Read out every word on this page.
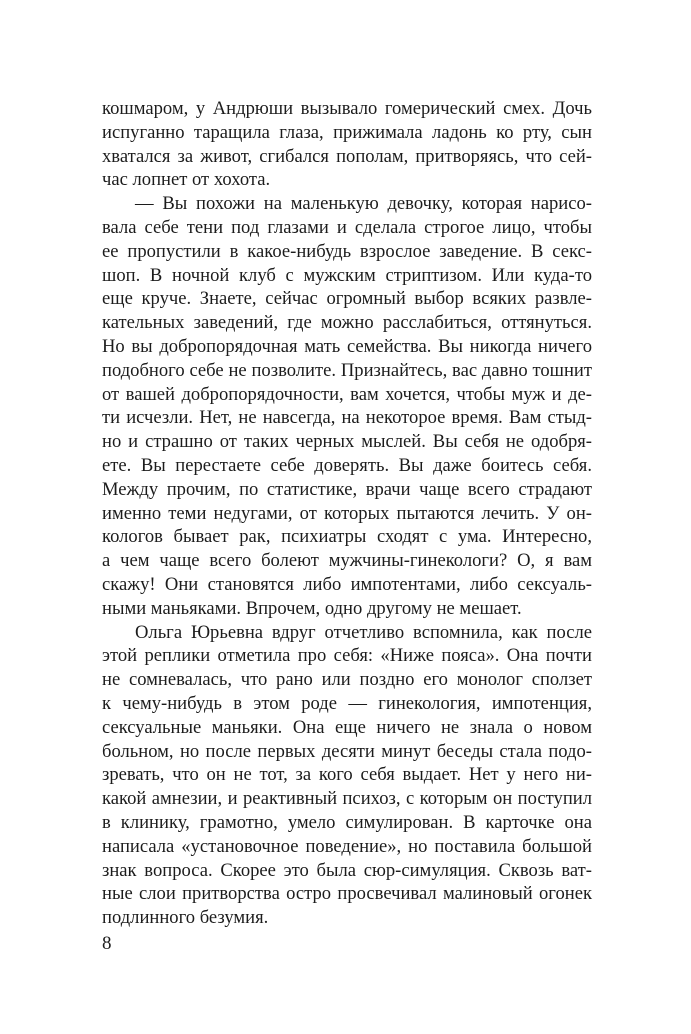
кошмаром, у Андрюши вызывало гомерический смех. Дочь
испуганно таращила глаза, прижимала ладонь ко рту, сын
хватался за живот, сгибался пополам, притворяясь, что сей-
час лопнет от хохота.
— Вы похожи на маленькую девочку, которая нарисо-
вала себе тени под глазами и сделала строгое лицо, чтобы
ее пропустили в какое-нибудь взрослое заведение. В секс-
шоп. В ночной клуб с мужским стриптизом. Или куда-то
еще круче. Знаете, сейчас огромный выбор всяких развле-
кательных заведений, где можно расслабиться, оттянуться.
Но вы добропорядочная мать семейства. Вы никогда ничего
подобного себе не позволите. Признайтесь, вас давно тошнит
от вашей добропорядочности, вам хочется, чтобы муж и де-
ти исчезли. Нет, не навсегда, на некоторое время. Вам стыд-
но и страшно от таких черных мыслей. Вы себя не одобря-
ете. Вы перестаете себе доверять. Вы даже боитесь себя.
Между прочим, по статистике, врачи чаще всего страдают
именно теми недугами, от которых пытаются лечить. У он-
кологов бывает рак, психиатры сходят с ума. Интересно,
а чем чаще всего болеют мужчины-гинекологи? О, я вам
скажу! Они становятся либо импотентами, либо сексуаль-
ными маньяками. Впрочем, одно другому не мешает.
Ольга Юрьевна вдруг отчетливо вспомнила, как после
этой реплики отметила про себя: «Ниже пояса». Она почти
не сомневалась, что рано или поздно его монолог сползет
к чему-нибудь в этом роде — гинекология, импотенция,
сексуальные маньяки. Она еще ничего не знала о новом
больном, но после первых десяти минут беседы стала подо-
зревать, что он не тот, за кого себя выдает. Нет у него ни-
какой амнезии, и реактивный психоз, с которым он поступил
в клинику, грамотно, умело симулирован. В карточке она
написала «установочное поведение», но поставила большой
знак вопроса. Скорее это была сюр-симуляция. Сквозь ват-
ные слои притворства остро просвечивал малиновый огонек
подлинного безумия.
8
